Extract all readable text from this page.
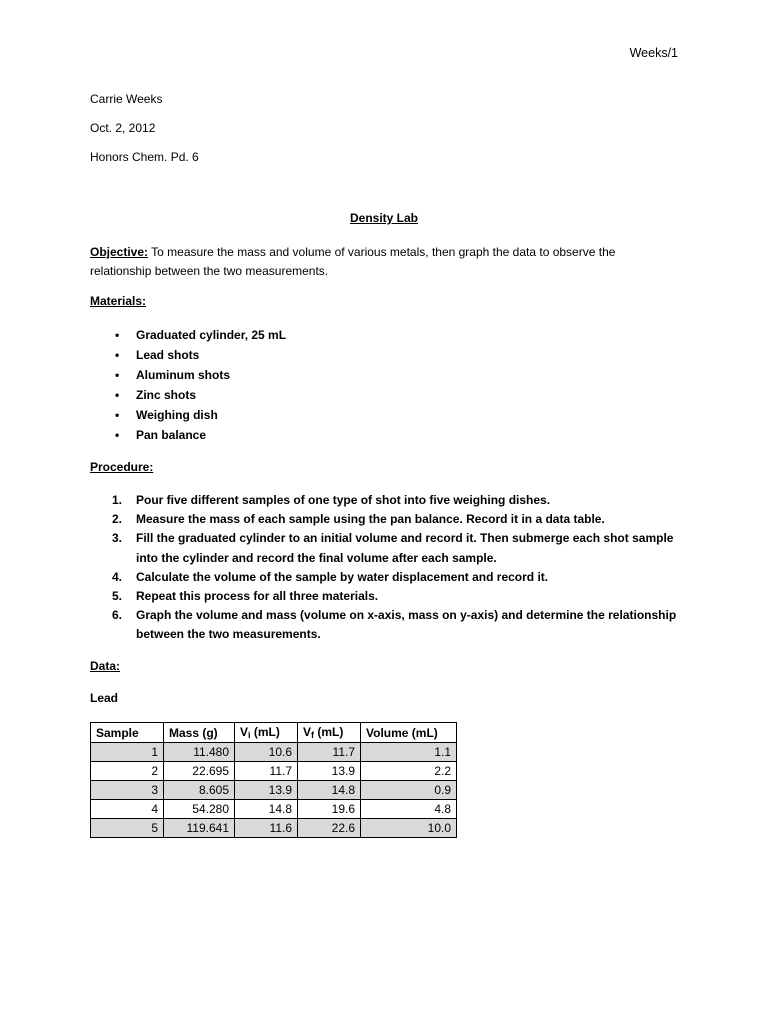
Weeks/1
Carrie Weeks
Oct. 2, 2012
Honors Chem. Pd. 6
Density Lab
Objective: To measure the mass and volume of various metals, then graph the data to observe the relationship between the two measurements.
Materials:
• Graduated cylinder, 25 mL
• Lead shots
• Aluminum shots
• Zinc shots
• Weighing dish
• Pan balance
Procedure:
1. Pour five different samples of one type of shot into five weighing dishes.
2. Measure the mass of each sample using the pan balance. Record it in a data table.
3. Fill the graduated cylinder to an initial volume and record it. Then submerge each shot sample into the cylinder and record the final volume after each sample.
4. Calculate the volume of the sample by water displacement and record it.
5. Repeat this process for all three materials.
6. Graph the volume and mass (volume on x-axis, mass on y-axis) and determine the relationship between the two measurements.
Data:
Lead
Sample	Mass (g)	$V_i$ (mL)	$V_f$ (mL)	Volume (mL)
1	11.480	10.6	11.7	1.1
2	22.695	11.7	13.9	2.2
3	8.605	13.9	14.8	0.9
4	54.280	14.8	19.6	4.8
5	119.641	11.6	22.6	10.0
